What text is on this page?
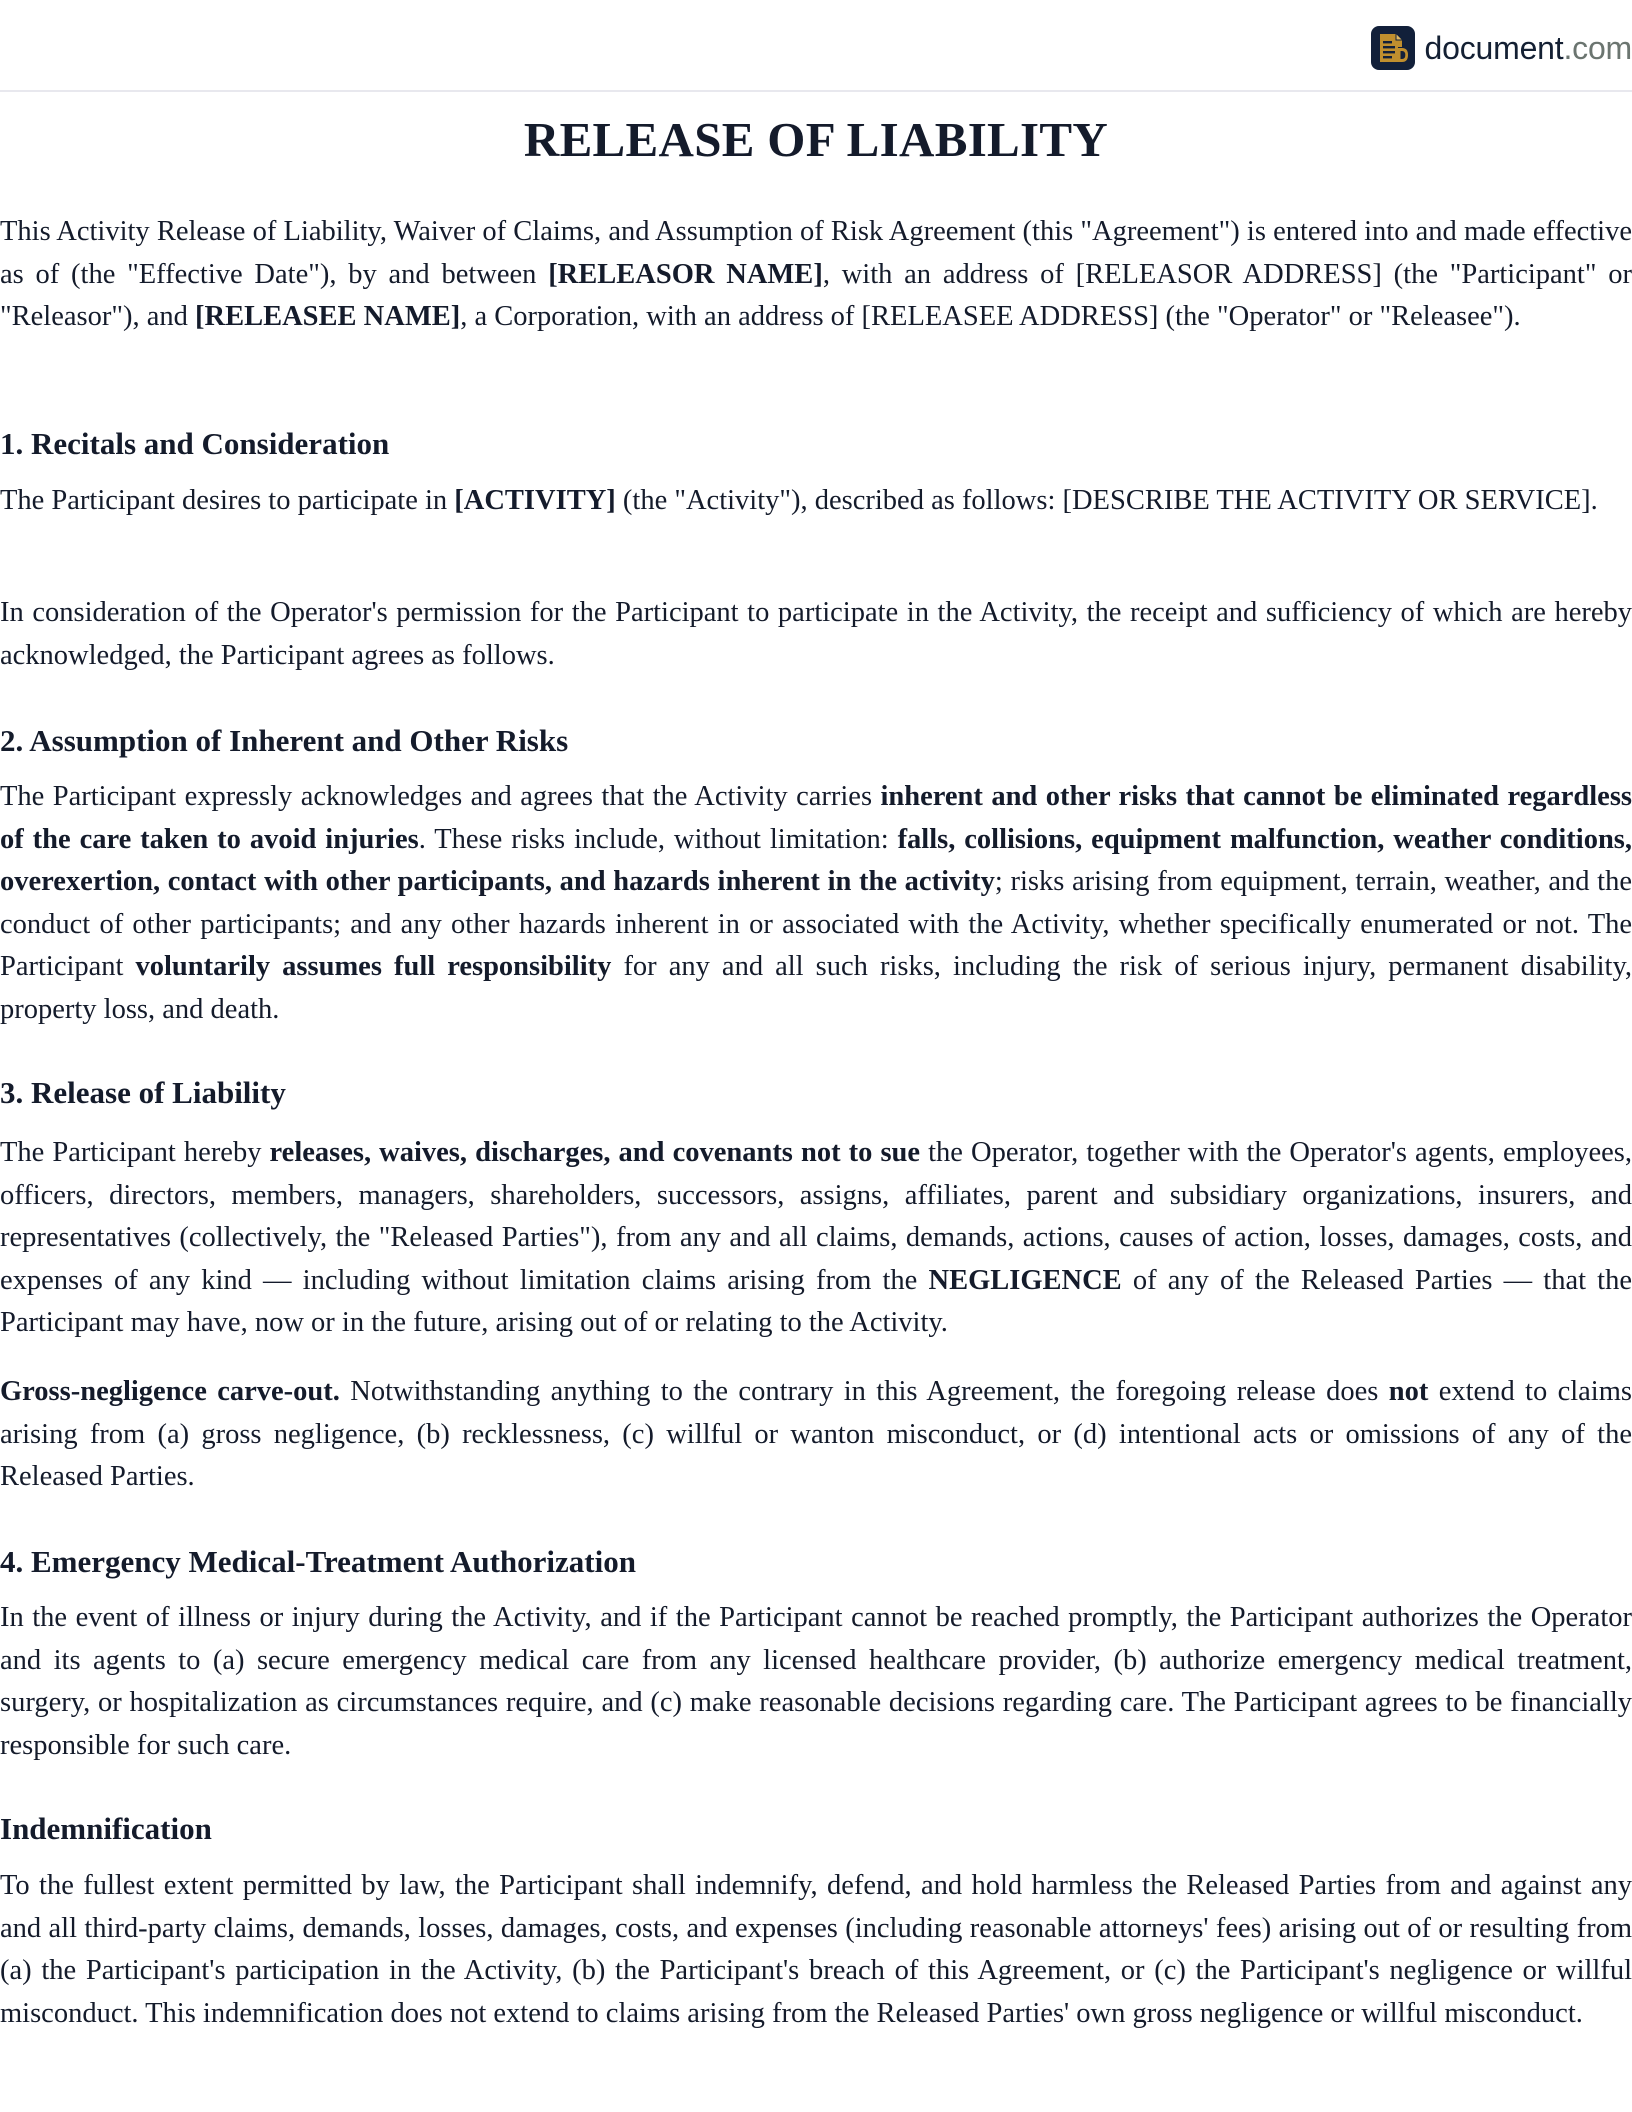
document.com
RELEASE OF LIABILITY

This Activity Release of Liability, Waiver of Claims, and Assumption of Risk Agreement (this "Agreement") is entered into and made effective as of (the "Effective Date"), by and between [RELEASOR NAME], with an address of [RELEASOR ADDRESS] (the "Participant" or "Releasor"), and [RELEASEE NAME], a Corporation, with an address of [RELEASEE ADDRESS] (the "Operator" or "Releasee").

1. Recitals and Consideration

The Participant desires to participate in [ACTIVITY] (the "Activity"), described as follows: [DESCRIBE THE ACTIVITY OR SERVICE].

In consideration of the Operator's permission for the Participant to participate in the Activity, the receipt and sufficiency of which are hereby acknowledged, the Participant agrees as follows.

2. Assumption of Inherent and Other Risks

The Participant expressly acknowledges and agrees that the Activity carries inherent and other risks that cannot be eliminated regardless of the care taken to avoid injuries. These risks include, without limitation: falls, collisions, equipment malfunction, weather conditions, overexertion, contact with other participants, and hazards inherent in the activity; risks arising from equipment, terrain, weather, and the conduct of other participants; and any other hazards inherent in or associated with the Activity, whether specifically enumerated or not. The Participant voluntarily assumes full responsibility for any and all such risks, including the risk of serious injury, permanent disability, property loss, and death.

3. Release of Liability

The Participant hereby releases, waives, discharges, and covenants not to sue the Operator, together with the Operator's agents, employees, officers, directors, members, managers, shareholders, successors, assigns, affiliates, parent and subsidiary organizations, insurers, and representatives (collectively, the "Released Parties"), from any and all claims, demands, actions, causes of action, losses, damages, costs, and expenses of any kind — including without limitation claims arising from the NEGLIGENCE of any of the Released Parties — that the Participant may have, now or in the future, arising out of or relating to the Activity.

Gross-negligence carve-out. Notwithstanding anything to the contrary in this Agreement, the foregoing release does not extend to claims arising from (a) gross negligence, (b) recklessness, (c) willful or wanton misconduct, or (d) intentional acts or omissions of any of the Released Parties.

4. Emergency Medical-Treatment Authorization

In the event of illness or injury during the Activity, and if the Participant cannot be reached promptly, the Participant authorizes the Operator and its agents to (a) secure emergency medical care from any licensed healthcare provider, (b) authorize emergency medical treatment, surgery, or hospitalization as circumstances require, and (c) make reasonable decisions regarding care. The Participant agrees to be financially responsible for such care.

Indemnification

To the fullest extent permitted by law, the Participant shall indemnify, defend, and hold harmless the Released Parties from and against any and all third-party claims, demands, losses, damages, costs, and expenses (including reasonable attorneys' fees) arising out of or resulting from (a) the Participant's participation in the Activity, (b) the Participant's breach of this Agreement, or (c) the Participant's negligence or willful misconduct. This indemnification does not extend to claims arising from the Released Parties' own gross negligence or willful misconduct.
